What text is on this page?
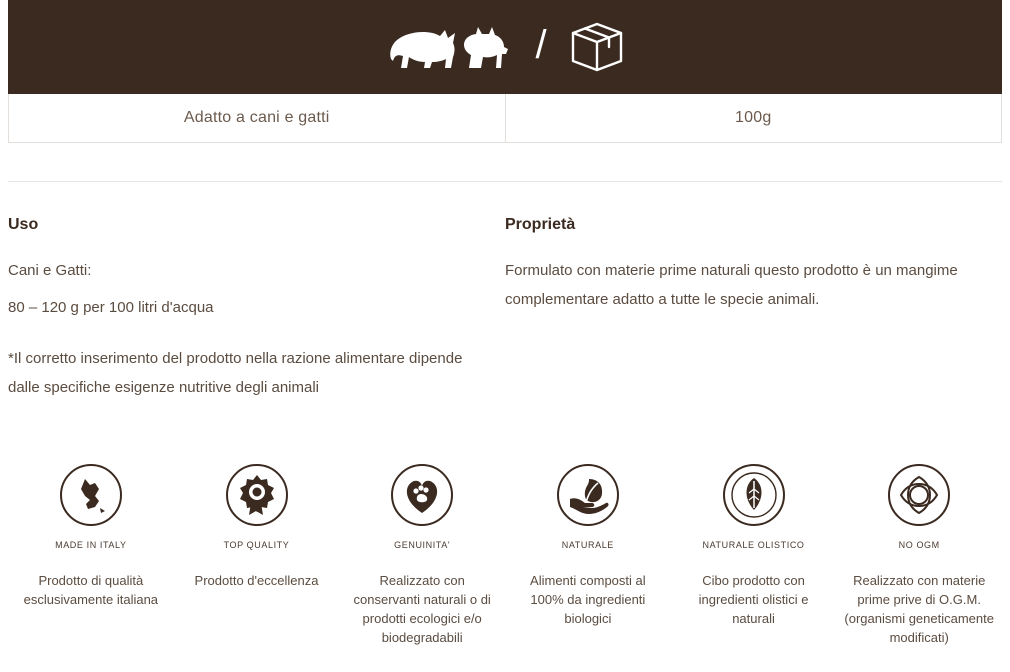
/
Adatto a cani e gatti	100g
Uso

Cani e Gatti:

80 – 120 g per 100 litri d'acqua

*Il corretto inserimento del prodotto nella razione alimentare dipende dalle specifiche esigenze nutritive degli animali

Proprietà

Formulato con materie prime naturali questo prodotto è un mangime complementare adatto a tutte le specie animali.

MADE IN ITALY
Prodotto di qualità esclusivamente italiana
TOP QUALITY
Prodotto d'eccellenza
GENUINITA'
Realizzato con conservanti naturali o di prodotti ecologici e/o biodegradabili
NATURALE
Alimenti composti al 100% da ingredienti biologici
NATURALE OLISTICO
Cibo prodotto con ingredienti olistici e naturali
NO OGM
Realizzato con materie prime prive di O.G.M. (organismi geneticamente modificati)
